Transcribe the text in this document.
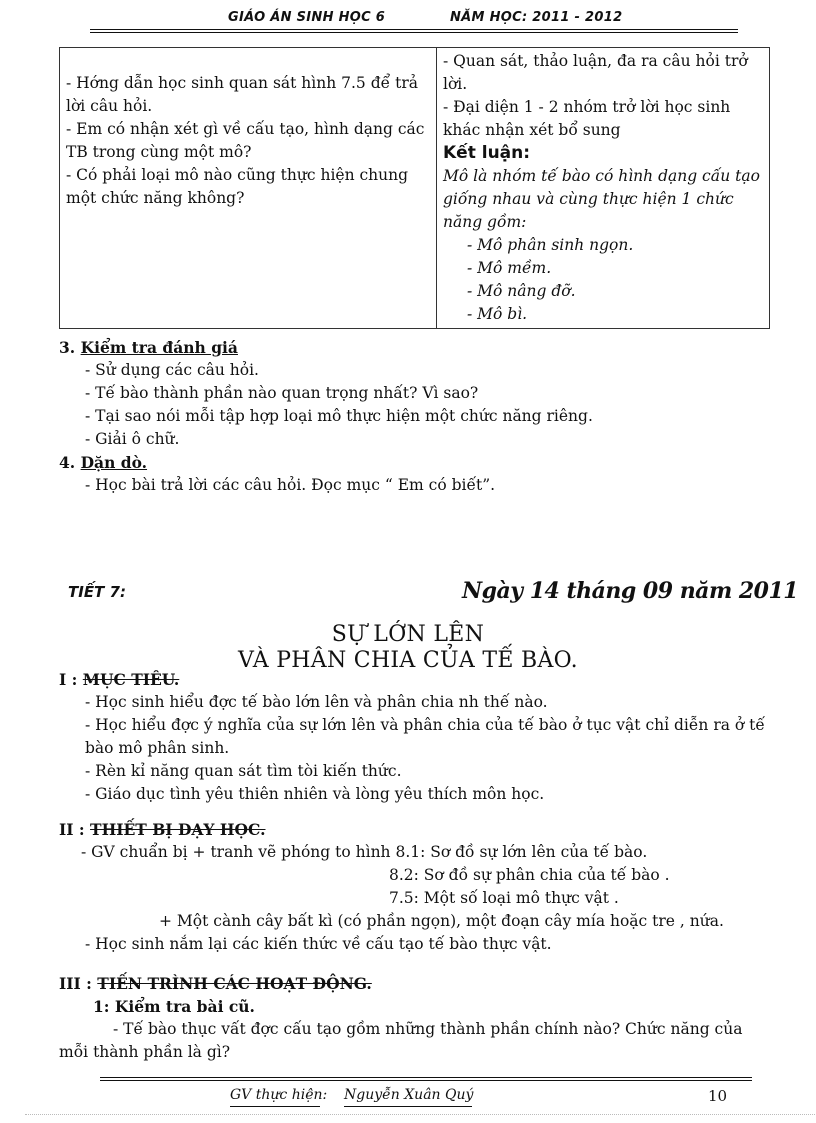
GIÁO ÁN SINH HỌC 6	NĂM HỌC: 2011 - 2012
- Hớng dẫn học sinh quan sát hình 7.5 để trả lời câu hỏi.
- Em có nhận xét gì về cấu tạo, hình dạng các TB trong cùng một mô?
- Có phải loại mô nào cũng thực hiện chung một chức năng không?

- Quan sát, thảo luận, đa ra câu hỏi trở lời.
- Đại diện 1 - 2 nhóm trở lời học sinh khác nhận xét bổ sung
Kết luận:
Mô là nhóm tế bào có hình dạng cấu tạo giống nhau và cùng thực hiện 1 chức năng gồm:
- Mô phân sinh ngọn.
- Mô mềm.
- Mô nâng đỡ.
- Mô bì.
3. Kiểm tra đánh giá
- Sử dụng các câu hỏi.
- Tế bào thành phần nào quan trọng nhất? Vì sao?
- Tại sao nói mỗi tập hợp loại mô thực hiện một chức năng riêng.
- Giải ô chữ.
4. Dặn dò.
- Học bài trả lời các câu hỏi. Đọc mục “ Em có biết”.
TIẾT 7:	Ngày 14 tháng 09 năm 2011
SỰ LỚN LÊN
VÀ PHÂN CHIA CỦA TẾ BÀO.
I : MỤC TIÊU.
- Học sinh hiểu đợc tế bào lớn lên và phân chia nh thế nào.
- Học hiểu đợc ý nghĩa của sự lớn lên và phân chia của tế bào ở tục vật chỉ diễn ra ở tế bào mô phân sinh.
- Rèn kỉ năng quan sát tìm tòi kiến thức.
- Giáo dục tình yêu thiên nhiên và lòng yêu thích môn học.
II : THIẾT BỊ DẠY HỌC.
- GV chuẩn bị + tranh vẽ phóng to hình 8.1: Sơ đồ sự lớn lên của tế bào.
8.2: Sơ đồ sự phân chia của tế bào .
7.5: Một số loại mô thực vật .
+ Một cành cây bất kì (có phần ngọn), một đoạn cây mía hoặc tre , nứa.
- Học sinh nắm lại các kiến thức về cấu tạo tế bào thực vật.
III : TIẾN TRÌNH CÁC HOẠT ĐỘNG.
1: Kiểm tra bài cũ.
- Tế bào thục vất đợc cấu tạo gồm những thành phần chính nào? Chức năng của mỗi thành phần là gì?
GV thực hiện: Nguyễn Xuân Quý	10
